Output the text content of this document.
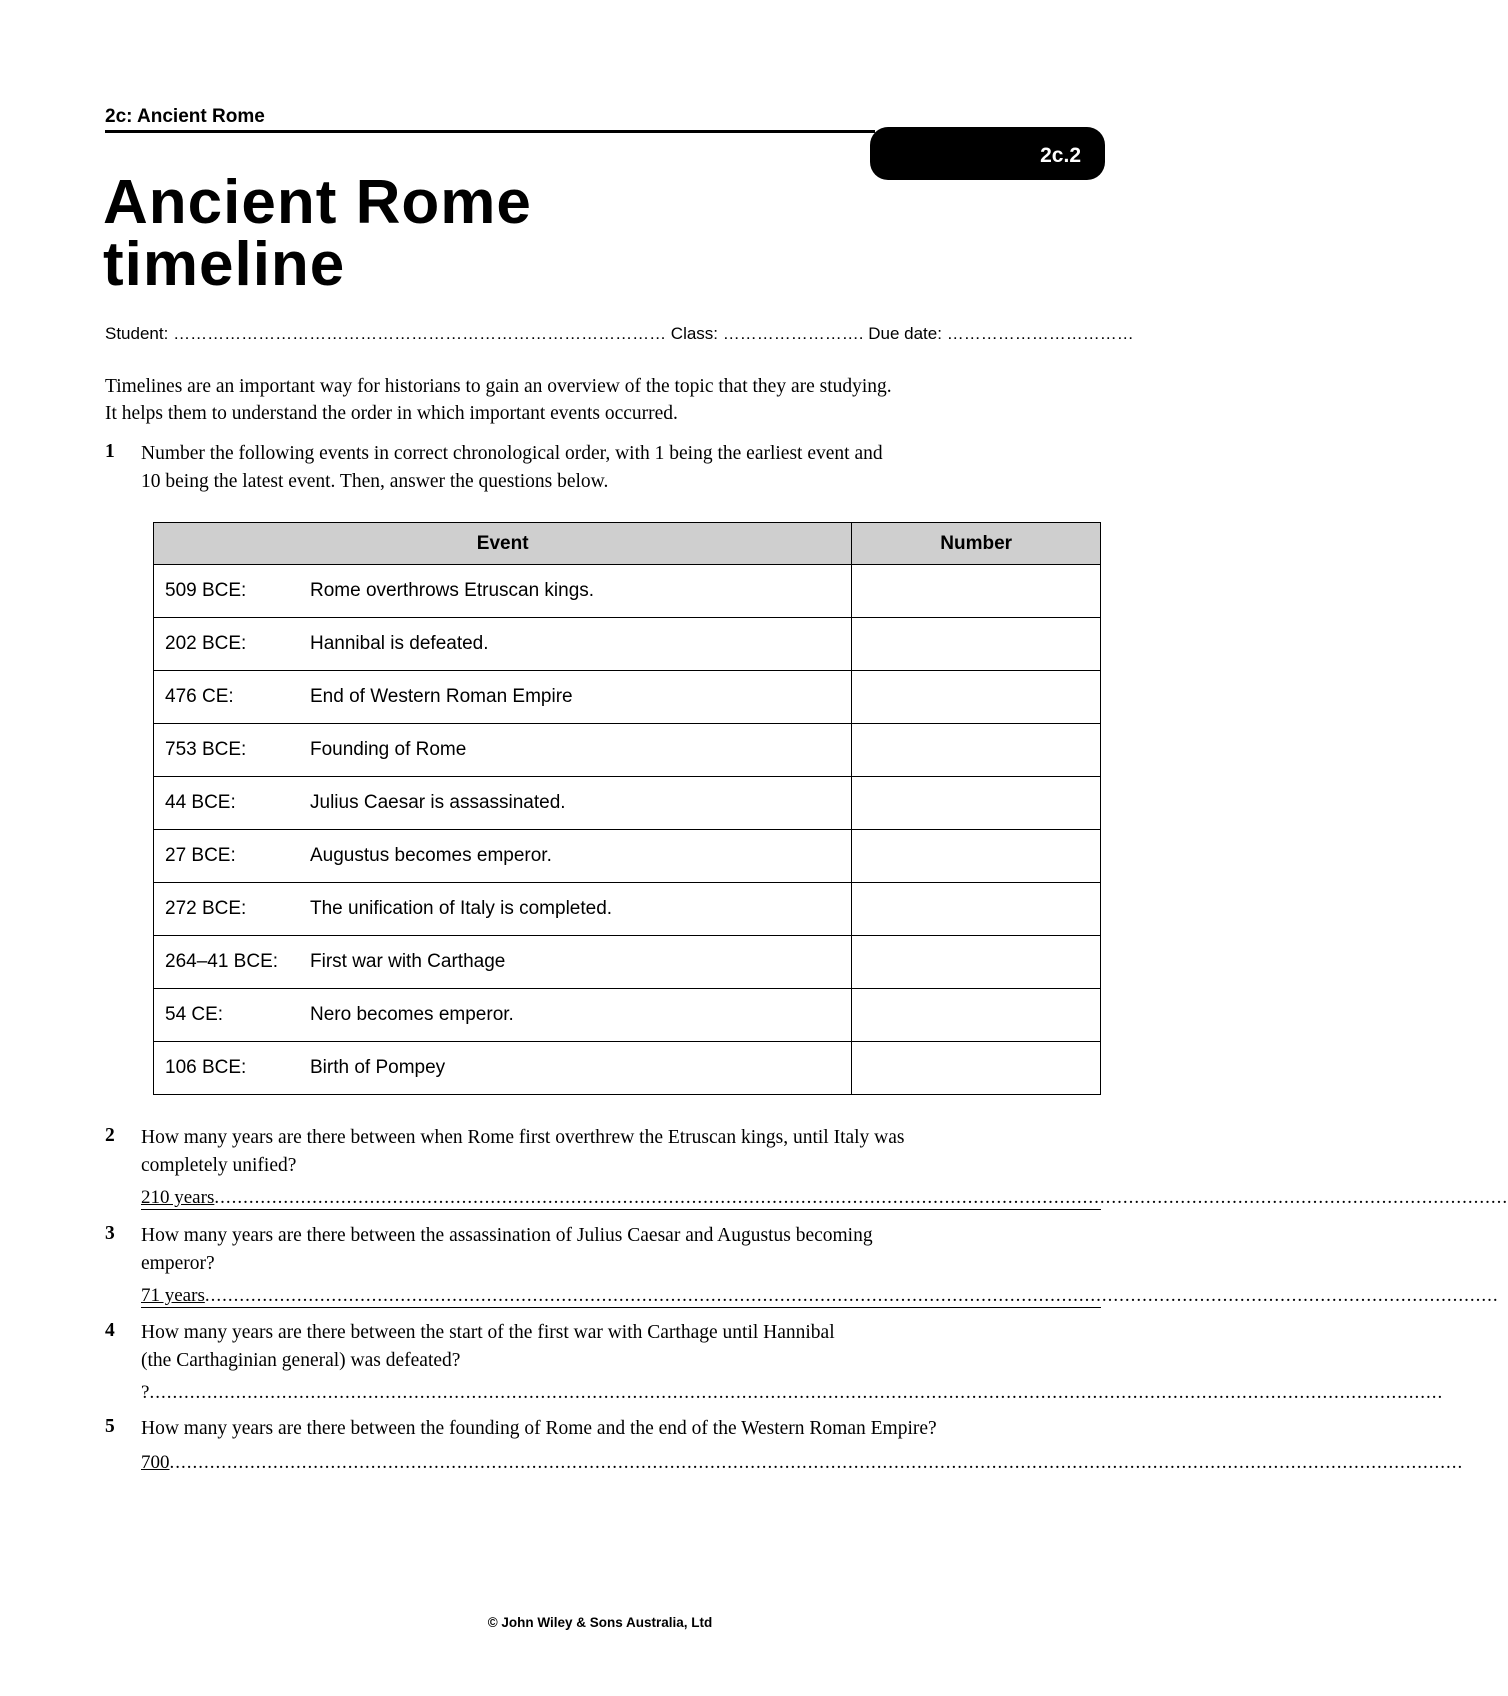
2c: Ancient Rome
2c.2
Ancient Rome
timeline
Student: …………………………………………………………………………… Class: ……………………. Due date: ……………………………

Timelines are an important way for historians to gain an overview of the topic that they are studying.
It helps them to understand the order in which important events occurred.

1 Number the following events in correct chronological order, with 1 being the earliest event and
10 being the latest event. Then, answer the questions below.

Event	Number
509 BCE: Rome overthrows Etruscan kings.	
202 BCE: Hannibal is defeated.	
476 CE: End of Western Roman Empire	
753 BCE: Founding of Rome	
44 BCE: Julius Caesar is assassinated.	
27 BCE: Augustus becomes emperor.	
272 BCE: The unification of Italy is completed.	
264–41 BCE: First war with Carthage	
54 CE: Nero becomes emperor.	
106 BCE: Birth of Pompey	
2 How many years are there between when Rome first overthrew the Etruscan kings, until Italy was
completely unified?

210 years.................................................................................................................................................................................................................................
3 How many years are there between the assassination of Julius Caesar and Augustus becoming
emperor?

71 years.................................................................................................................................................................................................................................
4 How many years are there between the start of the first war with Carthage until Hannibal
(the Carthaginian general) was defeated?

?.................................................................................................................................................................................................................................
5 How many years are there between the founding of Rome and the end of the Western Roman Empire?

700.................................................................................................................................................................................................................................
© John Wiley & Sons Australia, Ltd
